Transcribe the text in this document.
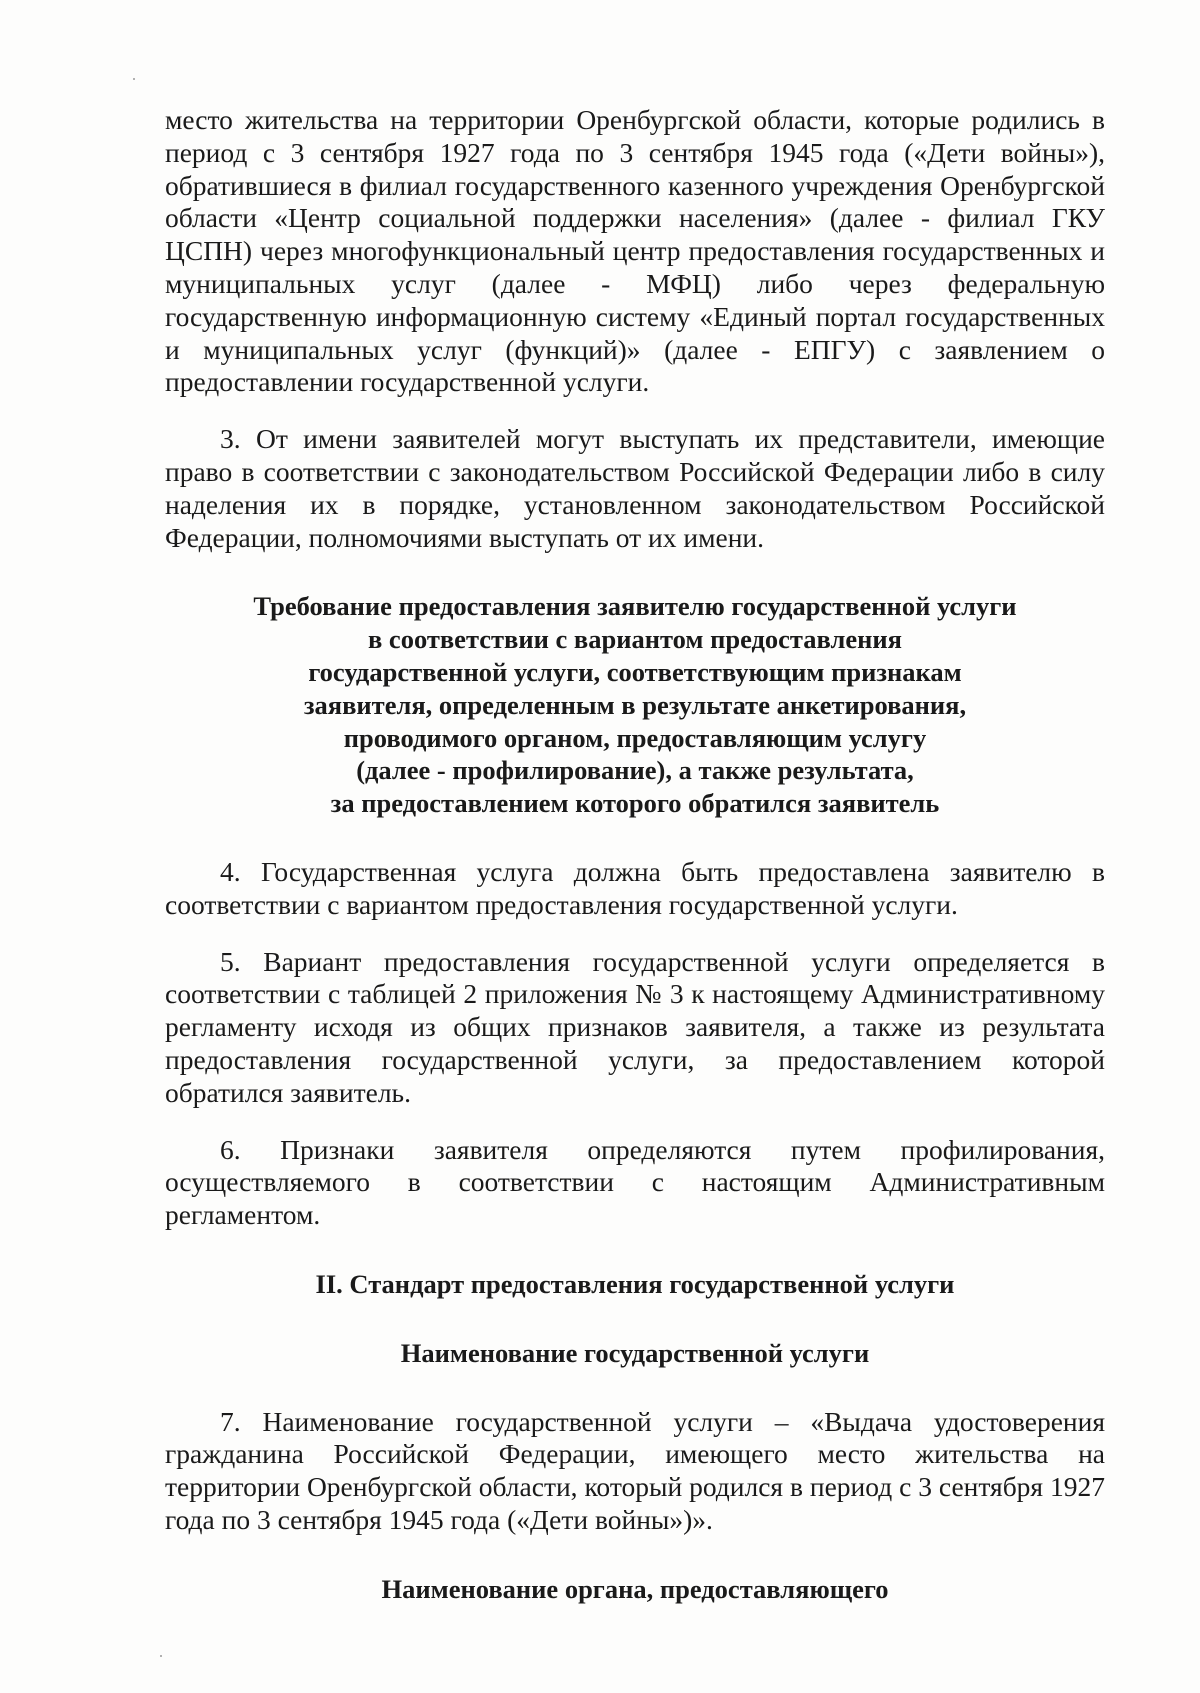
место жительства на территории Оренбургской области, которые родились в период с 3 сентября 1927 года по 3 сентября 1945 года («Дети войны»), обратившиеся в филиал государственного казенного учреждения Оренбургской области «Центр социальной поддержки населения» (далее - филиал ГКУ ЦСПН) через многофункциональный центр предоставления государственных и муниципальных услуг (далее - МФЦ) либо через федеральную государственную информационную систему «Единый портал государственных и муниципальных услуг (функций)» (далее - ЕПГУ) с заявлением о предоставлении государственной услуги.

3. От имени заявителей могут выступать их представители, имеющие право в соответствии с законодательством Российской Федерации либо в силу наделения их в порядке, установленном законодательством Российской Федерации, полномочиями выступать от их имени.

Требование предоставления заявителю государственной услуги
в соответствии с вариантом предоставления
государственной услуги, соответствующим признакам
заявителя, определенным в результате анкетирования,
проводимого органом, предоставляющим услугу
(далее - профилирование), а также результата,
за предоставлением которого обратился заявитель

4. Государственная услуга должна быть предоставлена заявителю в соответствии с вариантом предоставления государственной услуги.

5. Вариант предоставления государственной услуги определяется в соответствии с таблицей 2 приложения № 3 к настоящему Административному регламенту исходя из общих признаков заявителя, а также из результата предоставления государственной услуги, за предоставлением которой обратился заявитель.

6. Признаки заявителя определяются путем профилирования, осуществляемого в соответствии с настоящим Административным регламентом.

II. Стандарт предоставления государственной услуги

Наименование государственной услуги

7. Наименование государственной услуги – «Выдача удостоверения гражданина Российской Федерации, имеющего место жительства на территории Оренбургской области, который родился в период с 3 сентября 1927 года по 3 сентября 1945 года («Дети войны»)».

Наименование органа, предоставляющего
